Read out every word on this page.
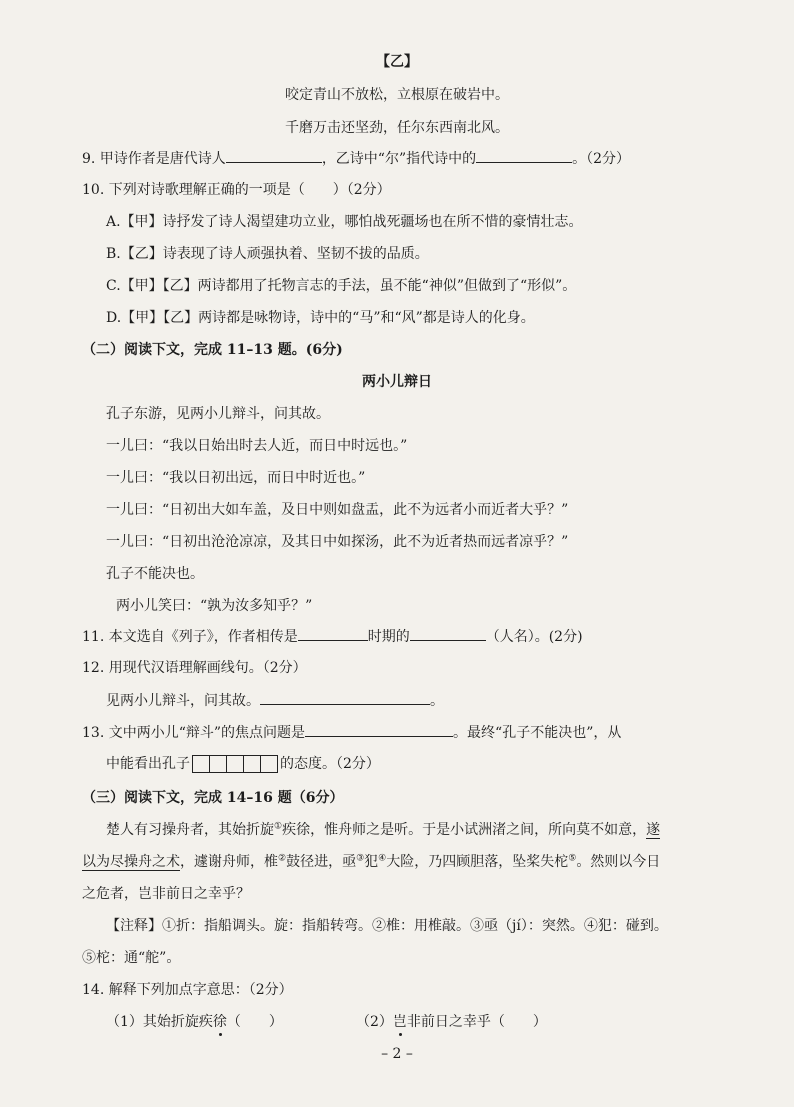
【乙】
咬定青山不放松，立根原在破岩中。
千磨万击还坚劲，任尔东西南北风。
9. 甲诗作者是唐代诗人	，乙诗中“尔”指代诗中的	。（2分）
10. 下列对诗歌理解正确的一项是（　　）（2分）
A.【甲】诗抒发了诗人渴望建功立业，哪怕战死疆场也在所不惜的豪情壮志。
B.【乙】诗表现了诗人顽强执着、坚韧不拔的品质。
C.【甲】【乙】两诗都用了托物言志的手法，虽不能“神似”但做到了“形似”。
D.【甲】【乙】两诗都是咏物诗，诗中的“马”和“风”都是诗人的化身。
（二）阅读下文，完成 11–13 题。(6分)
两小儿辩日
孔子东游，见两小儿辩斗，问其故。
一儿曰：“我以日始出时去人近，而日中时远也。”
一儿曰：“我以日初出远，而日中时近也。”
一儿曰：“日初出大如车盖，及日中则如盘盂，此不为远者小而近者大乎？”
一儿曰：“日初出沧沧凉凉，及其日中如探汤，此不为近者热而远者凉乎？”
孔子不能决也。
两小儿笑曰：“孰为汝多知乎？”
11. 本文选自《列子》，作者相传是	时期的	（人名）。(2分)
12. 用现代汉语理解画线句。（2分）
见两小儿辩斗，问其故。	。
13. 文中两小儿“辩斗”的焦点问题是	。最终“孔子不能决也”，从
中能看出孔子	的态度。（2分）
（三）阅读下文，完成 14–16 题（6分）
楚人有习操舟者，其始折旋①疾徐，惟舟师之是听。于是小试洲渚之间，所向莫不如意，遂
以为尽操舟之术，遽谢舟师，椎②鼓径进，亟③犯④大险，乃四顾胆落，坠桨失柁⑤。然则以今日
之危者，岂非前日之幸乎？
【注释】①折：指船调头。旋：指船转弯。②椎：用椎敲。③亟（jí）：突然。④犯：碰到。
⑤柁：通“舵”。
14. 解释下列加点字意思：（2分）
（1）其始折旋疾徐（　　）	（2）岂非前日之幸乎（　　）
– 2 –
